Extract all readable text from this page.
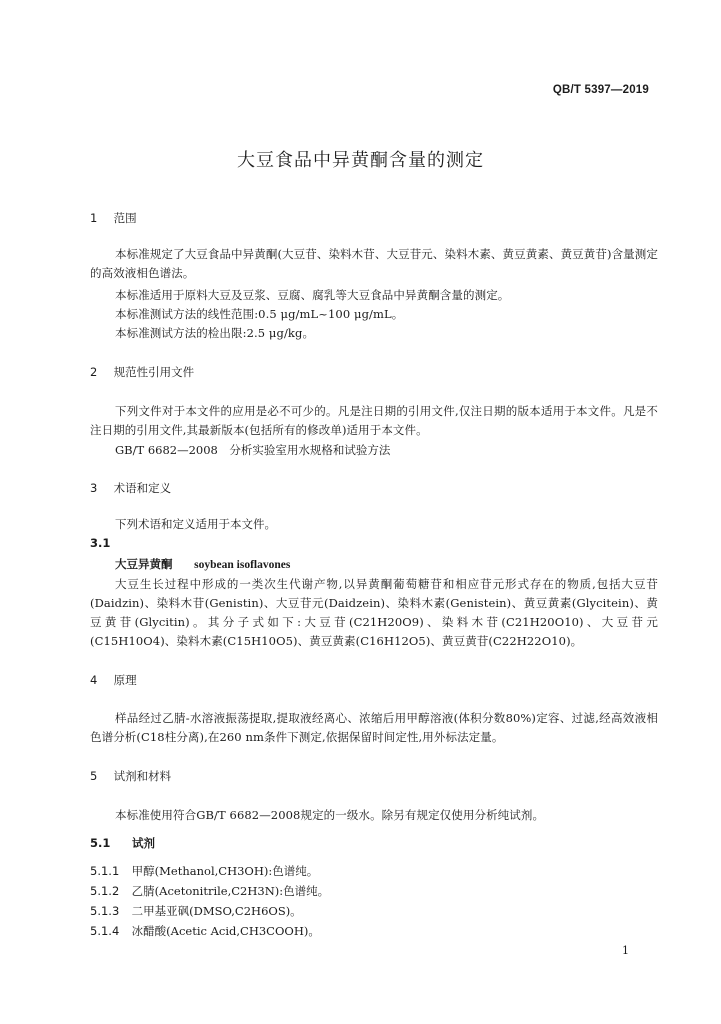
QB/T 5397—2019
大豆食品中异黄酮含量的测定
1 范围
本标准规定了大豆食品中异黄酮(大豆苷、染料木苷、大豆苷元、染料木素、黄豆黄素、黄豆黄苷)含量测定的高效液相色谱法。
本标准适用于原料大豆及豆浆、豆腐、腐乳等大豆食品中异黄酮含量的测定。
本标准测试方法的线性范围:0.5 μg/mL~100 μg/mL。
本标准测试方法的检出限:2.5 μg/kg。
2 规范性引用文件
下列文件对于本文件的应用是必不可少的。凡是注日期的引用文件,仅注日期的版本适用于本文件。凡是不注日期的引用文件,其最新版本(包括所有的修改单)适用于本文件。
GB/T 6682—2008　分析实验室用水规格和试验方法
3 术语和定义
下列术语和定义适用于本文件。
3.1
大豆异黄酮 soybean isoflavones
大豆生长过程中形成的一类次生代谢产物,以异黄酮葡萄糖苷和相应苷元形式存在的物质,包括大豆苷(Daidzin)、染料木苷(Genistin)、大豆苷元(Daidzein)、染料木素(Genistein)、黄豆黄素(Glycitein)、黄豆黄苷(Glycitin)。其分子式如下:大豆苷(C21H20O9)、染料木苷(C21H20O10)、大豆苷元(C15H10O4)、染料木素(C15H10O5)、黄豆黄素(C16H12O5)、黄豆黄苷(C22H22O10)。
4 原理
样品经过乙腈-水溶液振荡提取,提取液经离心、浓缩后用甲醇溶液(体积分数80%)定容、过滤,经高效液相色谱分析(C18柱分离),在260 nm条件下测定,依据保留时间定性,用外标法定量。
5 试剂和材料
本标准使用符合GB/T 6682—2008规定的一级水。除另有规定仅使用分析纯试剂。
5.1 试剂
5.1.1 甲醇(Methanol,CH3OH):色谱纯。
5.1.2 乙腈(Acetonitrile,C2H3N):色谱纯。
5.1.3 二甲基亚砜(DMSO,C2H6OS)。
5.1.4 冰醋酸(Acetic Acid,CH3COOH)。
1
